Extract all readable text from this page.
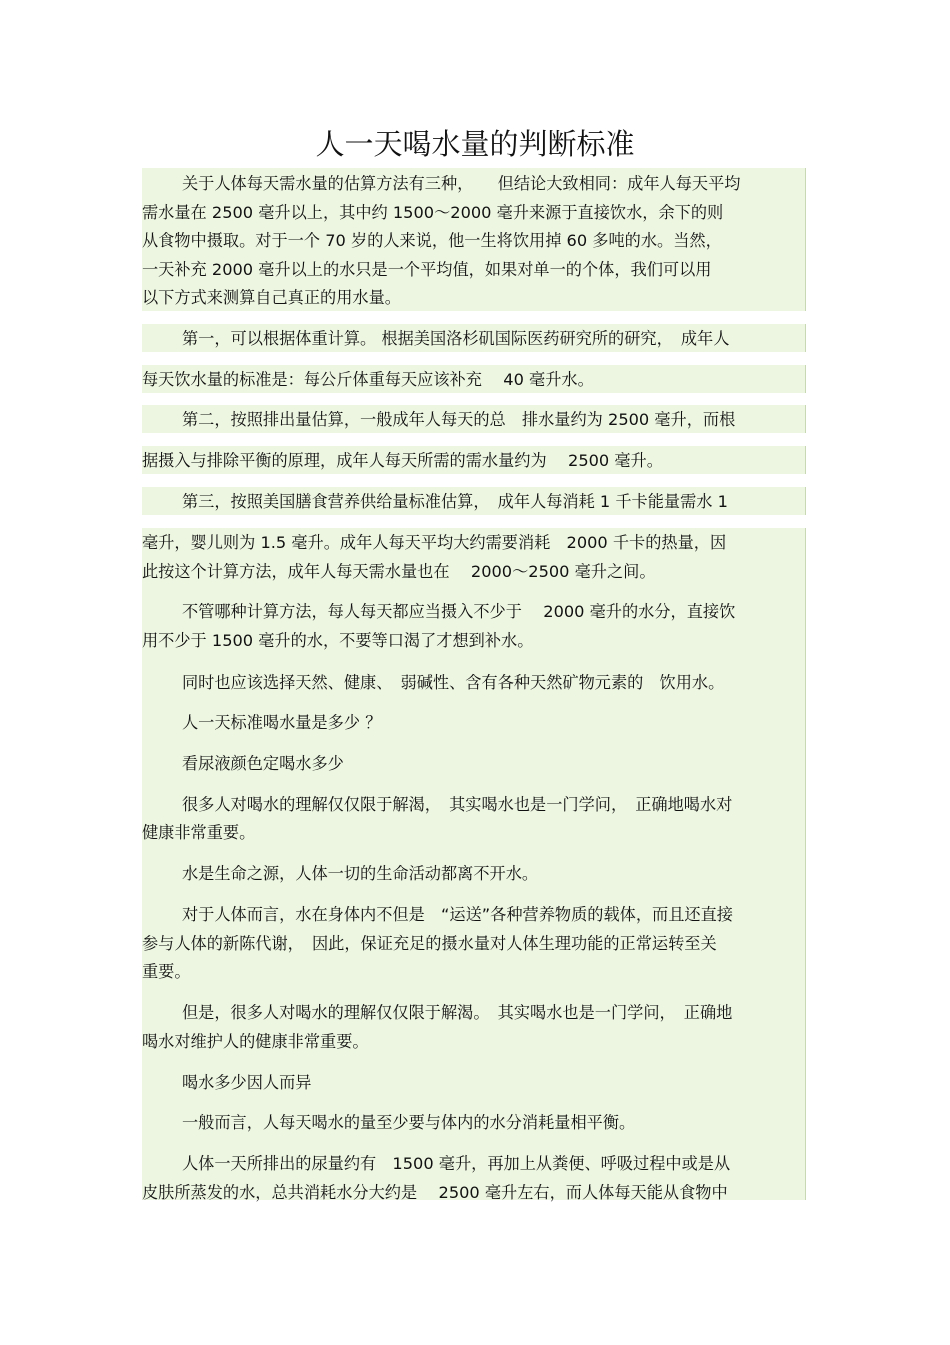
人一天喝水量的判断标准
关于人体每天需水量的估算方法有三种，　　但结论大致相同：成年人每天平均
需水量在 2500 毫升以上，其中约 1500～2000 毫升来源于直接饮水，余下的则
从食物中摄取。对于一个 70 岁的人来说，他一生将饮用掉 60 多吨的水。当然，
一天补充 2000 毫升以上的水只是一个平均值，如果对单一的个体，我们可以用
以下方式来测算自己真正的用水量。
第一，可以根据体重计算。 根据美国洛杉矶国际医药研究所的研究，　成年人
每天饮水量的标准是：每公斤体重每天应该补充　 40 毫升水。
第二，按照排出量估算，一般成年人每天的总　排水量约为 2500 毫升，而根
据摄入与排除平衡的原理，成年人每天所需的需水量约为　 2500 毫升。
第三，按照美国膳食营养供给量标准估算，　成年人每消耗 1 千卡能量需水 1
毫升，婴儿则为 1.5 毫升。成年人每天平均大约需要消耗　2000 千卡的热量，因
此按这个计算方法，成年人每天需水量也在　 2000～2500 毫升之间。
不管哪种计算方法，每人每天都应当摄入不少于　 2000 毫升的水分，直接饮
用不少于 1500 毫升的水，不要等口渴了才想到补水。
同时也应该选择天然、健康、　弱碱性、含有各种天然矿物元素的　饮用水。
人一天标准喝水量是多少 ？
看尿液颜色定喝水多少
很多人对喝水的理解仅仅限于解渴，　其实喝水也是一门学问，　正确地喝水对
健康非常重要。
水是生命之源，人体一切的生命活动都离不开水。
对于人体而言，水在身体内不但是　“运送”各种营养物质的载体，而且还直接
参与人体的新陈代谢，　因此，保证充足的摄水量对人体生理功能的正常运转至关
重要。
但是，很多人对喝水的理解仅仅限于解渴。　其实喝水也是一门学问，　正确地
喝水对维护人的健康非常重要。
喝水多少因人而异
一般而言，人每天喝水的量至少要与体内的水分消耗量相平衡。
人体一天所排出的尿量约有　1500 毫升，再加上从粪便、呼吸过程中或是从
皮肤所蒸发的水，总共消耗水分大约是　 2500 毫升左右，而人体每天能从食物中
